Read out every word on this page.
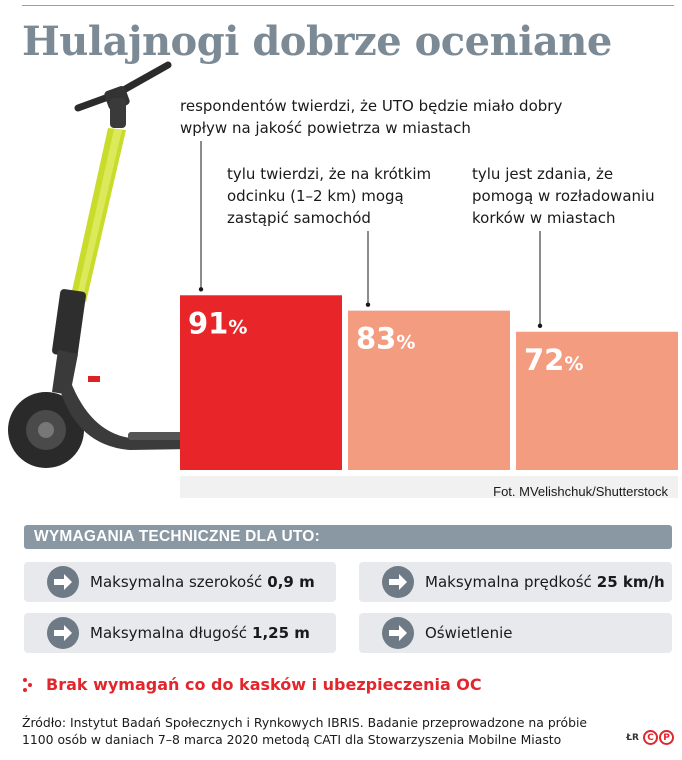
Hulajnogi dobrze oceniane
respondentów twierdzi, że UTO będzie miało dobry wpływ na jakość powietrza w miastach
91%
tylu twierdzi, że na krótkim odcinku (1–2 km) mogą zastąpić samochód
83%
tylu jest zdania, że pomogą w rozładowaniu korków w miastach
72%
Fot. MVelishchuk/Shutterstock
WYMAGANIA TECHNICZNE DLA UTO:
Maksymalna szerokość 0,9 m	Maksymalna prędkość 25 km/h
Maksymalna długość 1,25 m	Oświetlenie
Brak wymagań co do kasków i ubezpieczenia OC
Źródło: Instytut Badań Społecznych i Rynkowych IBRIS. Badanie przeprowadzone na próbie 1100 osób w daniach 7–8 marca 2020 metodą CATI dla Stowarzyszenia Mobilne Miasto	ŁR C	P
